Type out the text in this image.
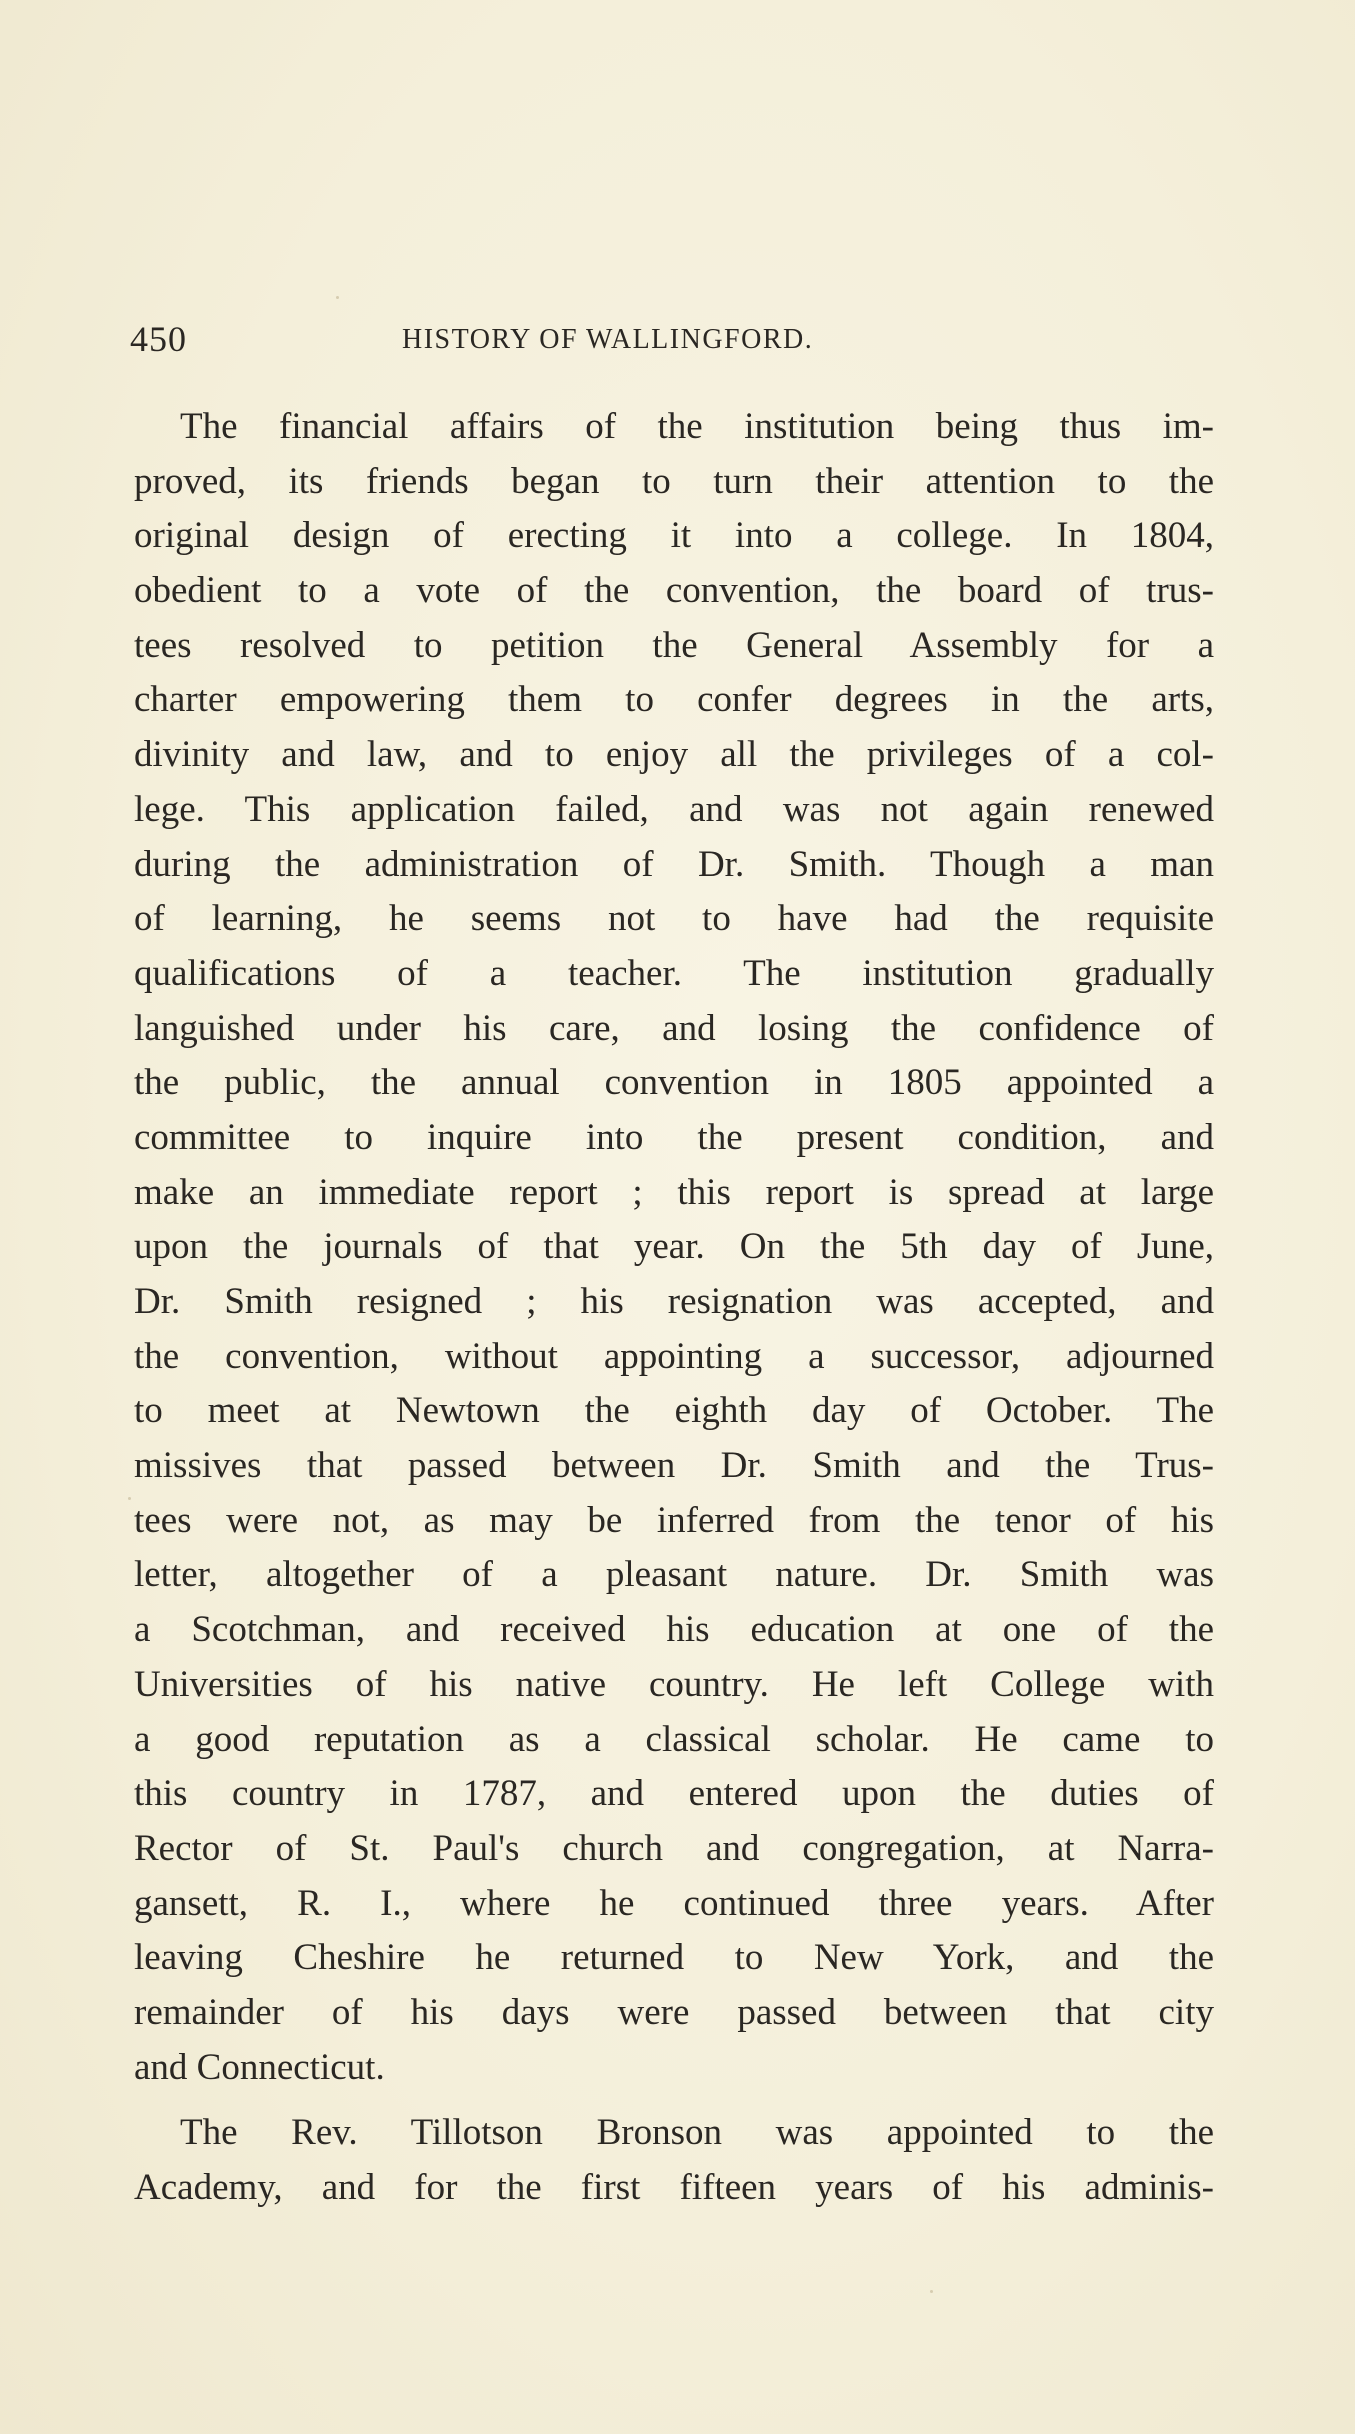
450	HISTORY OF WALLINGFORD.
The financial affairs of the institution being thus im-
proved, its friends began to turn their attention to the
original design of erecting it into a college. In 1804,
obedient to a vote of the convention, the board of trus-
tees resolved to petition the General Assembly for a
charter empowering them to confer degrees in the arts,
divinity and law, and to enjoy all the privileges of a col-
lege. This application failed, and was not again renewed
during the administration of Dr. Smith. Though a man
of learning, he seems not to have had the requisite
qualifications of a teacher. The institution gradually
languished under his care, and losing the confidence of
the public, the annual convention in 1805 appointed a
committee to inquire into the present condition, and
make an immediate report ; this report is spread at large
upon the journals of that year. On the 5th day of June,
Dr. Smith resigned ; his resignation was accepted, and
the convention, without appointing a successor, adjourned
to meet at Newtown the eighth day of October. The
missives that passed between Dr. Smith and the Trus-
tees were not, as may be inferred from the tenor of his
letter, altogether of a pleasant nature. Dr. Smith was
a Scotchman, and received his education at one of the
Universities of his native country. He left College with
a good reputation as a classical scholar. He came to
this country in 1787, and entered upon the duties of
Rector of St. Paul's church and congregation, at Narra-
gansett, R. I., where he continued three years. After
leaving Cheshire he returned to New York, and the
remainder of his days were passed between that city
and Connecticut.
The Rev. Tillotson Bronson was appointed to the
Academy, and for the first fifteen years of his adminis-
